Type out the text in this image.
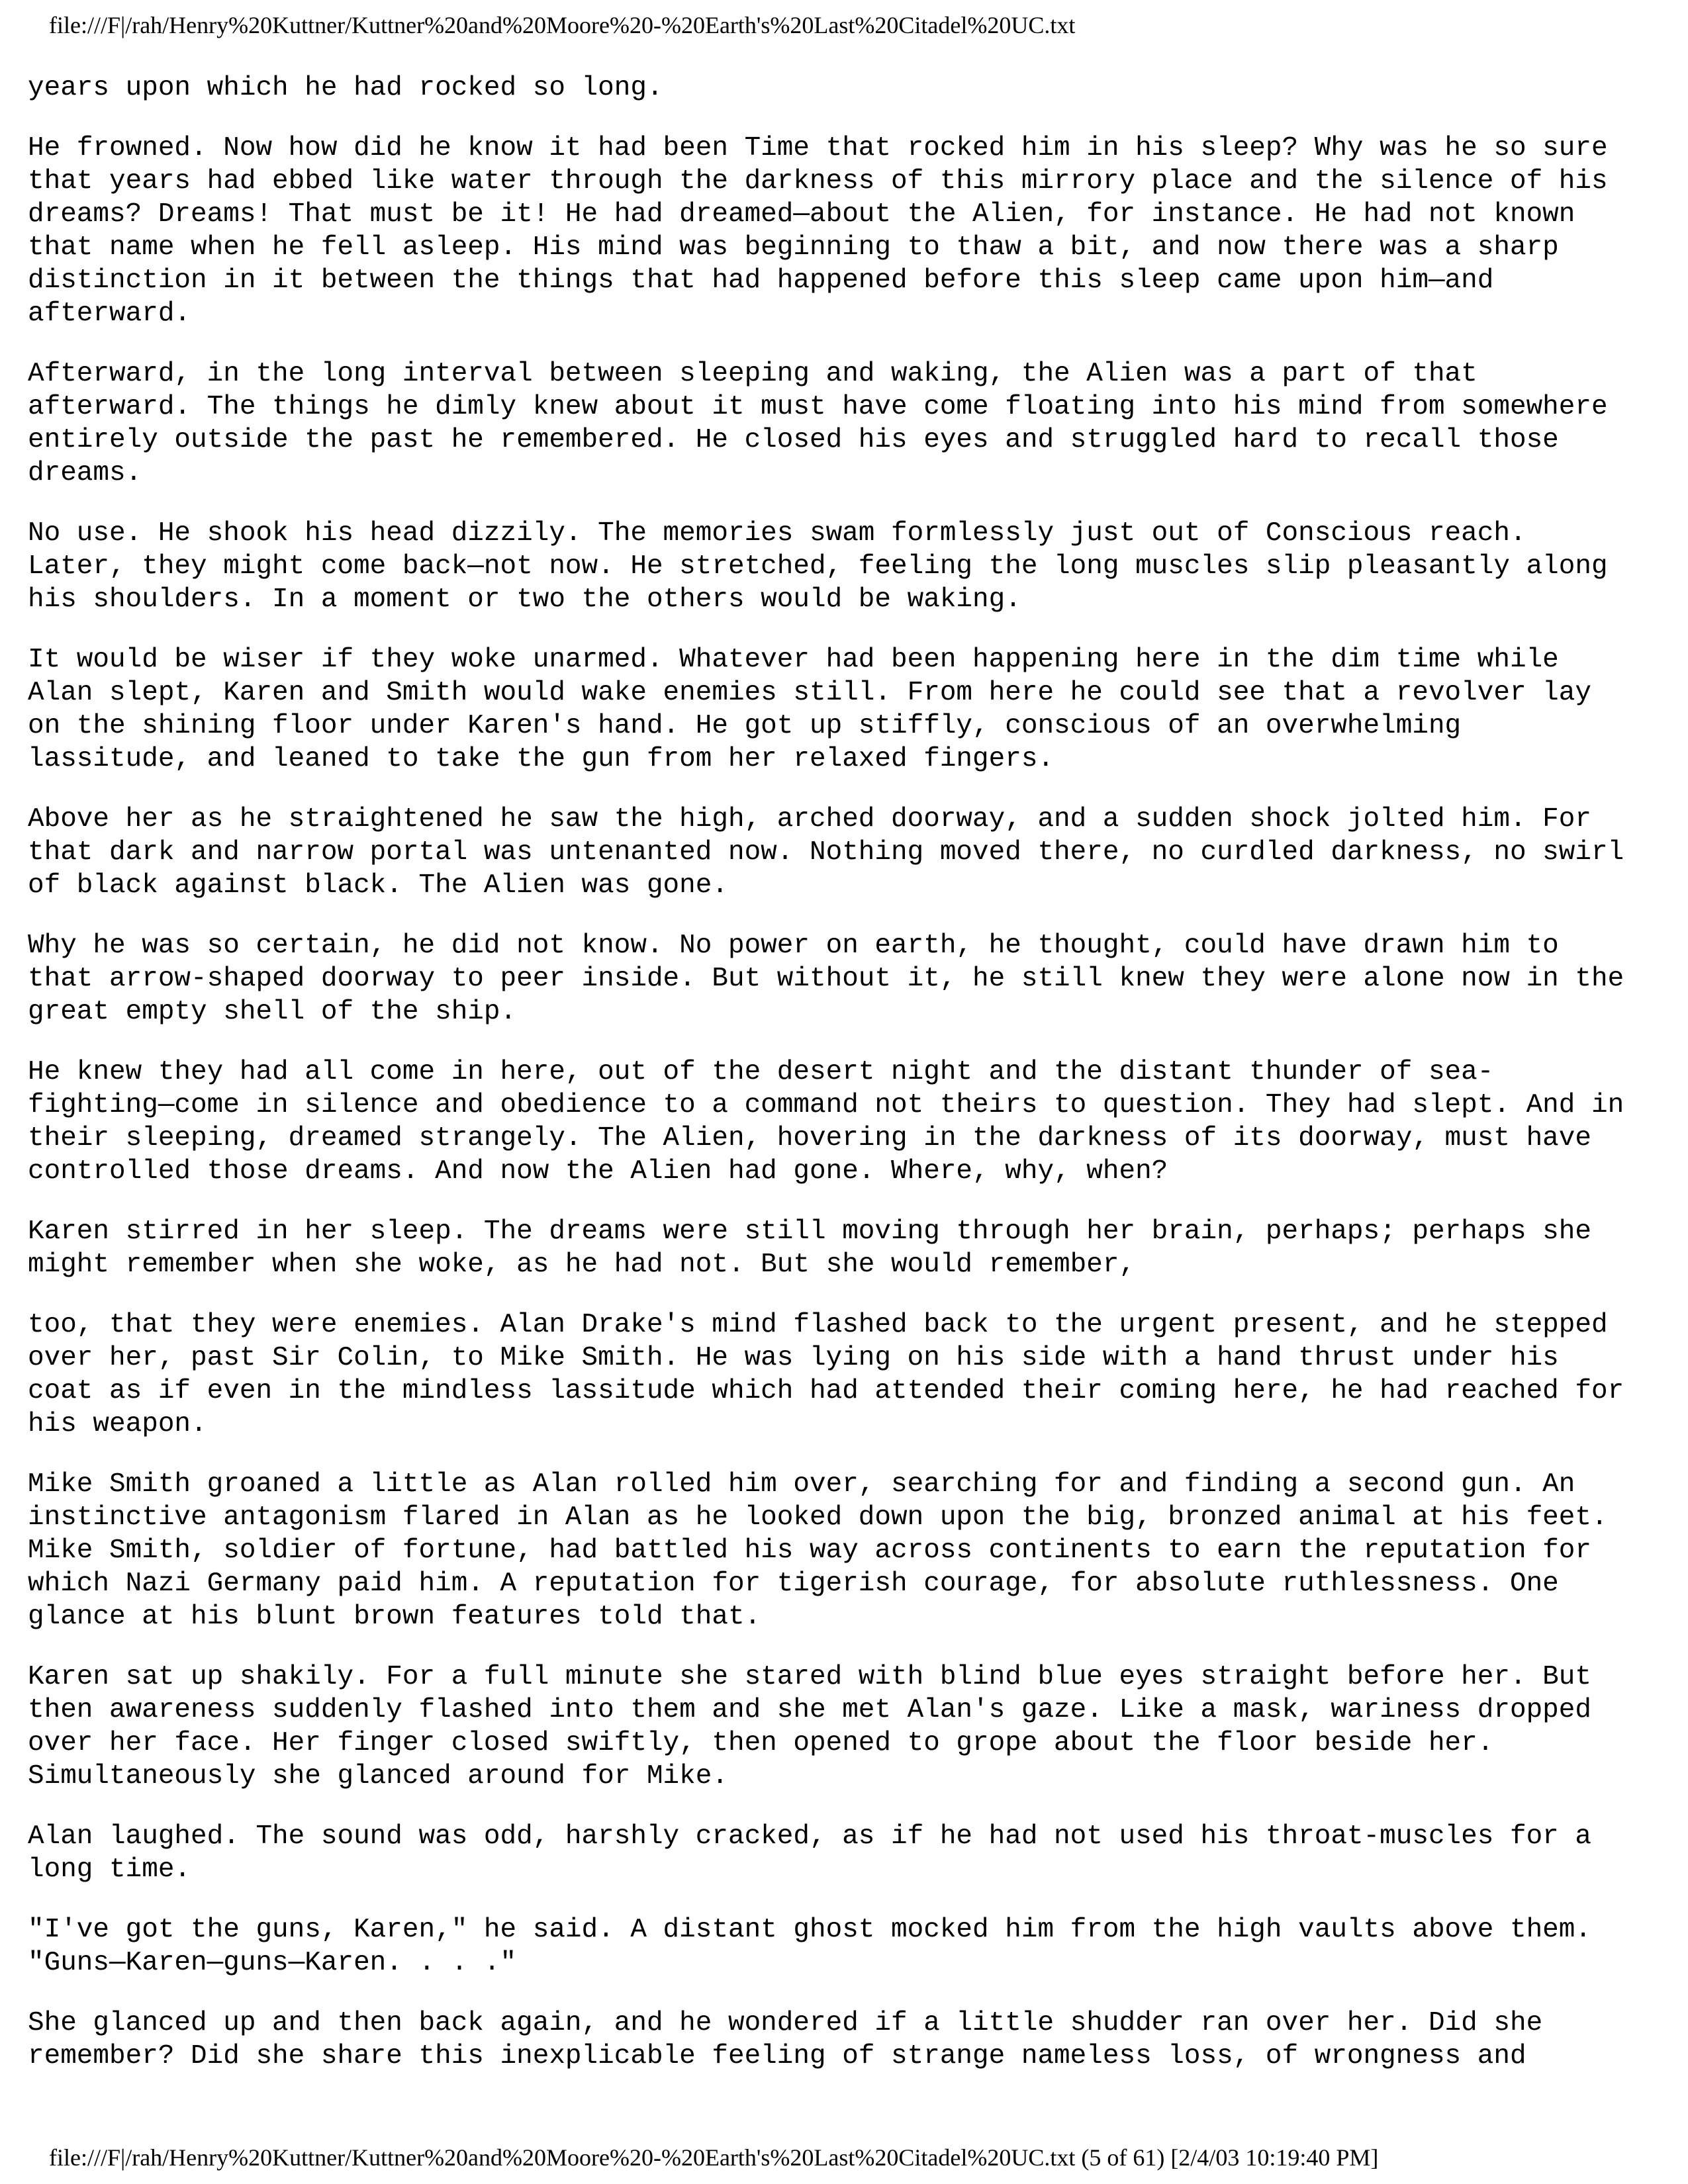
file:///F|/rah/Henry%20Kuttner/Kuttner%20and%20Moore%20-%20Earth's%20Last%20Citadel%20UC.txt

years upon which he had rocked so long.

He frowned. Now how did he know it had been Time that rocked him in his sleep? Why was he so sure
that years had ebbed like water through the darkness of this mirrory place and the silence of his
dreams? Dreams! That must be it! He had dreamed—about the Alien, for instance. He had not known
that name when he fell asleep. His mind was beginning to thaw a bit, and now there was a sharp
distinction in it between the things that had happened before this sleep came upon him—and
afterward.

Afterward, in the long interval between sleeping and waking, the Alien was a part of that
afterward. The things he dimly knew about it must have come floating into his mind from somewhere
entirely outside the past he remembered. He closed his eyes and struggled hard to recall those
dreams.

No use. He shook his head dizzily. The memories swam formlessly just out of Conscious reach.
Later, they might come back—not now. He stretched, feeling the long muscles slip pleasantly along
his shoulders. In a moment or two the others would be waking.

It would be wiser if they woke unarmed. Whatever had been happening here in the dim time while
Alan slept, Karen and Smith would wake enemies still. From here he could see that a revolver lay
on the shining floor under Karen's hand. He got up stiffly, conscious of an overwhelming
lassitude, and leaned to take the gun from her relaxed fingers.

Above her as he straightened he saw the high, arched doorway, and a sudden shock jolted him. For
that dark and narrow portal was untenanted now. Nothing moved there, no curdled darkness, no swirl
of black against black. The Alien was gone.

Why he was so certain, he did not know. No power on earth, he thought, could have drawn him to
that arrow-shaped doorway to peer inside. But without it, he still knew they were alone now in the
great empty shell of the ship.

He knew they had all come in here, out of the desert night and the distant thunder of sea-
fighting—come in silence and obedience to a command not theirs to question. They had slept. And in
their sleeping, dreamed strangely. The Alien, hovering in the darkness of its doorway, must have
controlled those dreams. And now the Alien had gone. Where, why, when?

Karen stirred in her sleep. The dreams were still moving through her brain, perhaps; perhaps she
might remember when she woke, as he had not. But she would remember,

too, that they were enemies. Alan Drake's mind flashed back to the urgent present, and he stepped
over her, past Sir Colin, to Mike Smith. He was lying on his side with a hand thrust under his
coat as if even in the mindless lassitude which had attended their coming here, he had reached for
his weapon.

Mike Smith groaned a little as Alan rolled him over, searching for and finding a second gun. An
instinctive antagonism flared in Alan as he looked down upon the big, bronzed animal at his feet.
Mike Smith, soldier of fortune, had battled his way across continents to earn the reputation for
which Nazi Germany paid him. A reputation for tigerish courage, for absolute ruthlessness. One
glance at his blunt brown features told that.

Karen sat up shakily. For a full minute she stared with blind blue eyes straight before her. But
then awareness suddenly flashed into them and she met Alan's gaze. Like a mask, wariness dropped
over her face. Her finger closed swiftly, then opened to grope about the floor beside her.
Simultaneously she glanced around for Mike.

Alan laughed. The sound was odd, harshly cracked, as if he had not used his throat-muscles for a
long time.

"I've got the guns, Karen," he said. A distant ghost mocked him from the high vaults above them.
"Guns—Karen—guns—Karen. . . ."

She glanced up and then back again, and he wondered if a little shudder ran over her. Did she
remember? Did she share this inexplicable feeling of strange nameless loss, of wrongness and

file:///F|/rah/Henry%20Kuttner/Kuttner%20and%20Moore%20-%20Earth's%20Last%20Citadel%20UC.txt (5 of 61) [2/4/03 10:19:40 PM]
